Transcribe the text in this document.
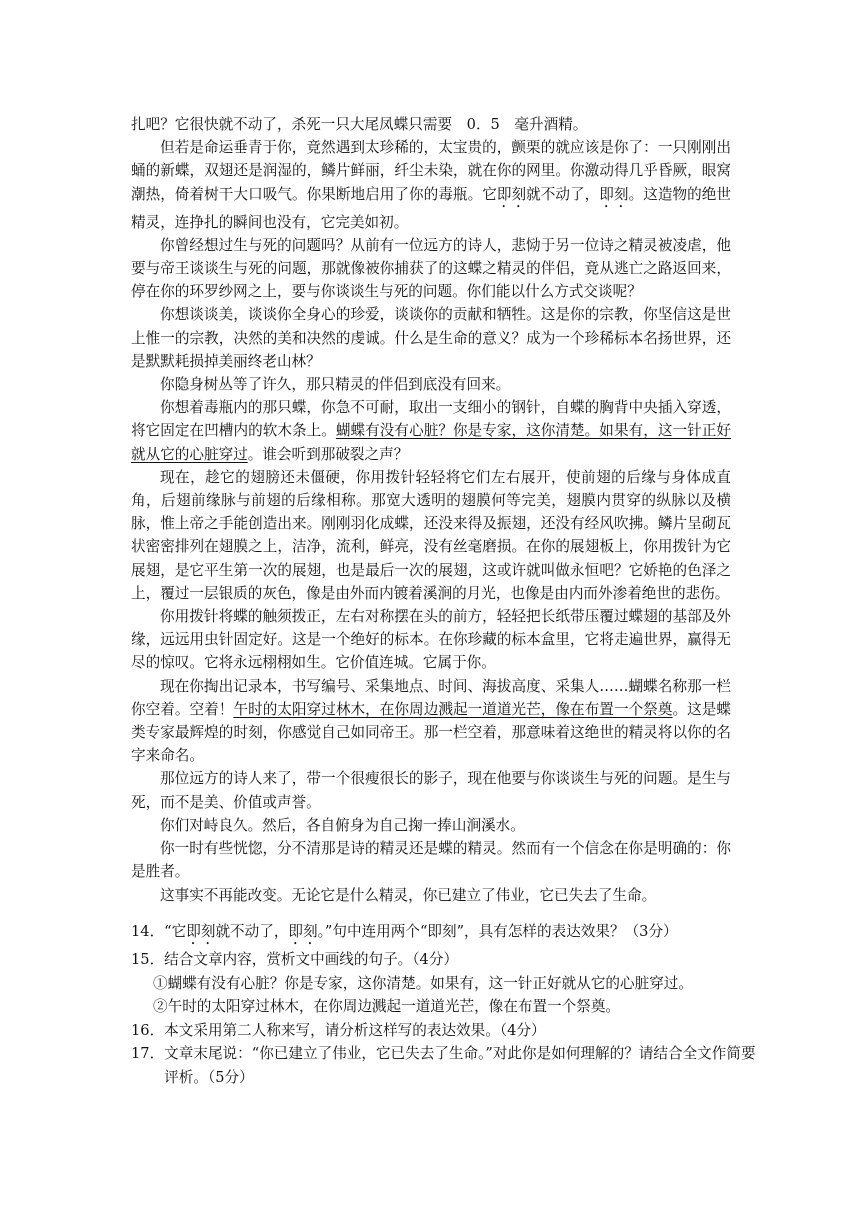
扎吧？它很快就不动了，杀死一只大尾凤蝶只需要　0．5　毫升酒精。

但若是命运垂青于你，竟然遇到太珍稀的，太宝贵的，颤栗的就应该是你了：一只刚刚出蛹的新蝶，双翅还是润湿的，鳞片鲜丽，纤尘未染，就在你的网里。你激动得几乎昏厥，眼窝潮热，倚着树干大口吸气。你果断地启用了你的毒瓶。它即刻就不动了，即刻。这造物的绝世精灵，连挣扎的瞬间也没有，它完美如初。

你曾经想过生与死的问题吗？从前有一位远方的诗人，悲恸于另一位诗之精灵被凌虐，他要与帝王谈谈生与死的问题，那就像被你捕获了的这蝶之精灵的伴侣，竟从逃亡之路返回来，停在你的环罗纱网之上，要与你谈谈生与死的问题。你们能以什么方式交谈呢？

你想谈谈美，谈谈你全身心的珍爱，谈谈你的贡献和牺牲。这是你的宗教，你坚信这是世上惟一的宗教，决然的美和决然的虔诚。什么是生命的意义？成为一个珍稀标本名扬世界，还是默默耗损掉美丽终老山林？

你隐身树丛等了许久，那只精灵的伴侣到底没有回来。

你想着毒瓶内的那只蝶，你急不可耐，取出一支细小的钢针，自蝶的胸背中央插入穿透，将它固定在凹槽内的软木条上。蝴蝶有没有心脏？你是专家，这你清楚。如果有，这一针正好就从它的心脏穿过。谁会听到那破裂之声？

现在，趁它的翅膀还未僵硬，你用拨针轻轻将它们左右展开，使前翅的后缘与身体成直角，后翅前缘脉与前翅的后缘相称。那宽大透明的翅膜何等完美，翅膜内贯穿的纵脉以及横脉，惟上帝之手能创造出来。刚刚羽化成蝶，还没来得及振翅，还没有经风吹拂。鳞片呈砌瓦状密密排列在翅膜之上，洁净，流利，鲜亮，没有丝毫磨损。在你的展翅板上，你用拨针为它展翅，是它平生第一次的展翅，也是最后一次的展翅，这或许就叫做永恒吧？它娇艳的色泽之上，覆过一层银质的灰色，像是由外而内镀着溪涧的月光，也像是由内而外渗着绝世的悲伤。

你用拨针将蝶的触须拨正，左右对称摆在头的前方，轻轻把长纸带压覆过蝶翅的基部及外缘，远远用虫针固定好。这是一个绝好的标本。在你珍藏的标本盒里，它将走遍世界，赢得无尽的惊叹。它将永远栩栩如生。它价值连城。它属于你。

现在你掏出记录本，书写编号、采集地点、时间、海拔高度、采集人……蝴蝶名称那一栏你空着。空着！午时的太阳穿过林木，在你周边溅起一道道光芒，像在布置一个祭奠。这是蝶类专家最辉煌的时刻，你感觉自己如同帝王。那一栏空着，那意味着这绝世的精灵将以你的名字来命名。

那位远方的诗人来了，带一个很瘦很长的影子，现在他要与你谈谈生与死的问题。是生与死，而不是美、价值或声誉。

你们对峙良久。然后，各自俯身为自己掬一捧山涧溪水。

你一时有些恍惚，分不清那是诗的精灵还是蝶的精灵。然而有一个信念在你是明确的：你是胜者。

这事实不再能改变。无论它是什么精灵，你已建立了伟业，它已失去了生命。

14． “它即刻就不动了，即刻。”句中连用两个“即刻”，具有怎样的表达效果？（3分）
15． 结合文章内容，赏析文中画线的句子。（4分）
①蝴蝶有没有心脏？你是专家，这你清楚。如果有，这一针正好就从它的心脏穿过。
②午时的太阳穿过林木，在你周边溅起一道道光芒，像在布置一个祭奠。
16． 本文采用第二人称来写，请分析这样写的表达效果。（4分）
17． 文章末尾说：“你已建立了伟业，它已失去了生命。”对此你是如何理解的？请结合全文作简要评析。（5分）
